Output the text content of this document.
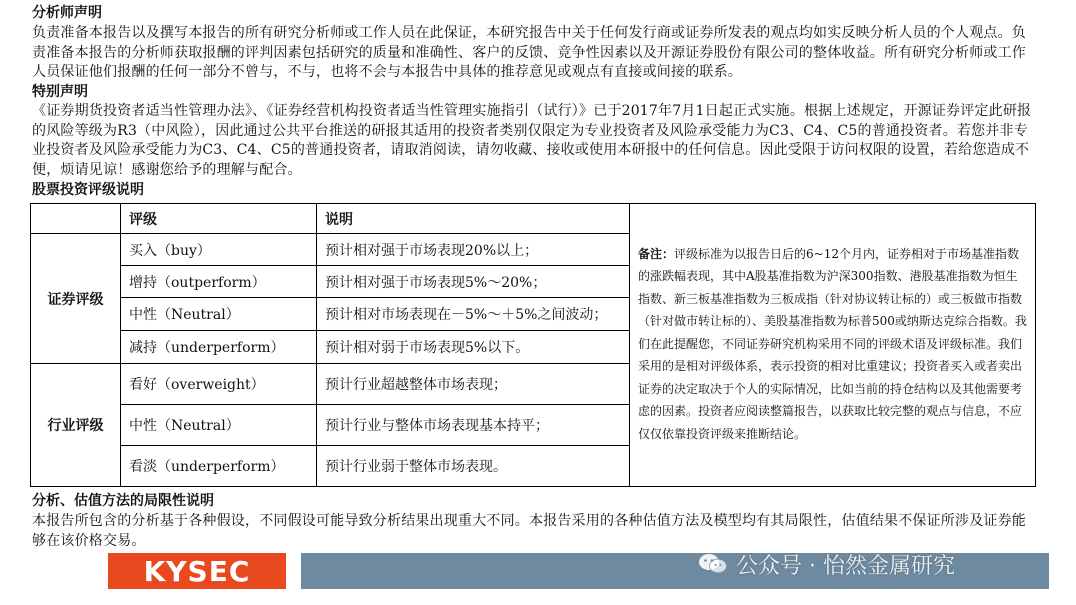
分析师声明
负责准备本报告以及撰写本报告的所有研究分析师或工作人员在此保证，本研究报告中关于任何发行商或证券所发表的观点均如实反映分析人员的个人观点。负责准备本报告的分析师获取报酬的评判因素包括研究的质量和准确性、客户的反馈、竞争性因素以及开源证券股份有限公司的整体收益。所有研究分析师或工作人员保证他们报酬的任何一部分不曾与，不与，也将不会与本报告中具体的推荐意见或观点有直接或间接的联系。
特别声明
《证券期货投资者适当性管理办法》、《证券经营机构投资者适当性管理实施指引（试行）》已于2017年7月1日起正式实施。根据上述规定，开源证券评定此研报的风险等级为R3（中风险），因此通过公共平台推送的研报其适用的投资者类别仅限定为专业投资者及风险承受能力为C3、C4、C5的普通投资者。若您并非专业投资者及风险承受能力为C3、C4、C5的普通投资者，请取消阅读，请勿收藏、接收或使用本研报中的任何信息。因此受限于访问权限的设置，若给您造成不便，烦请见谅！感谢您给予的理解与配合。
股票投资评级说明
	评级	说明	备注：评级标准为以报告日后的6~12个月内，证券相对于市场基准指数的涨跌幅表现，其中A股基准指数为沪深300指数、港股基准指数为恒生指数、新三板基准指数为三板成指（针对协议转让标的）或三板做市指数（针对做市转让标的）、美股基准指数为标普500或纳斯达克综合指数。我们在此提醒您，不同证券研究机构采用不同的评级术语及评级标准。我们采用的是相对评级体系，表示投资的相对比重建议；投资者买入或者卖出证券的决定取决于个人的实际情况，比如当前的持仓结构以及其他需要考虑的因素。投资者应阅读整篇报告，以获取比较完整的观点与信息，不应仅仅依靠投资评级来推断结论。
证券评级	买入（buy）	预计相对强于市场表现20%以上；	
	增持（outperform）	预计相对强于市场表现5%～20%；	
	中性（Neutral）	预计相对市场表现在－5%～＋5%之间波动；	
	减持（underperform）	预计相对弱于市场表现5%以下。	
行业评级	看好（overweight）	预计行业超越整体市场表现；	
	中性（Neutral）	预计行业与整体市场表现基本持平；	
	看淡（underperform）	预计行业弱于整体市场表现。	
分析、估值方法的局限性说明
本报告所包含的分析基于各种假设，不同假设可能导致分析结果出现重大不同。本报告采用的各种估值方法及模型均有其局限性，估值结果不保证所涉及证券能够在该价格交易。
KYSEC	公众号 · 怡然金属研究
